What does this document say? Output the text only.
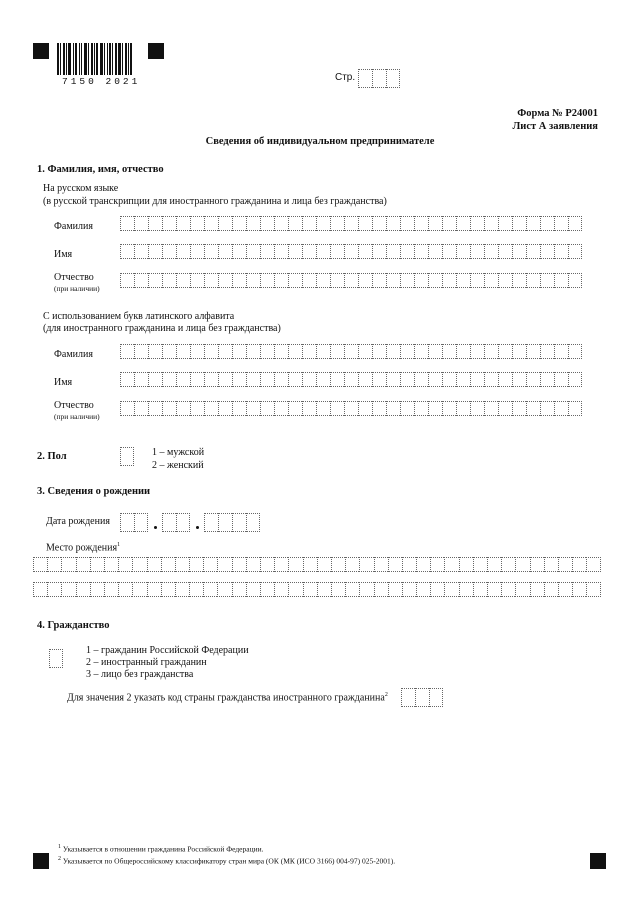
7150 2021	Стр.
Форма № Р24001
Лист А заявления
Сведения об индивидуальном предпринимателе
1. Фамилия, имя, отчество
На русском языке
(в русской транскрипции для иностранного гражданина и лица без гражданства)
Фамилия
Имя
Отчество
(при наличии)
С использованием букв латинского алфавита
(для иностранного гражданина и лица без гражданства)
Фамилия
Имя
Отчество
(при наличии)
2. Пол	1 – мужской
2 – женский
3. Сведения о рождении
Дата рождения
Место рождения$^1$
4. Гражданство
1 – гражданин Российской Федерации
2 – иностранный гражданин
3 – лицо без гражданства
Для значения 2 указать код страны гражданства иностранного гражданина$^2$
$^1$ Указывается в отношении гражданина Российской Федерации.
$^2$ Указывается по Общероссийскому классификатору стран мира (ОК (МК (ИСО 3166) 004-97) 025-2001).
